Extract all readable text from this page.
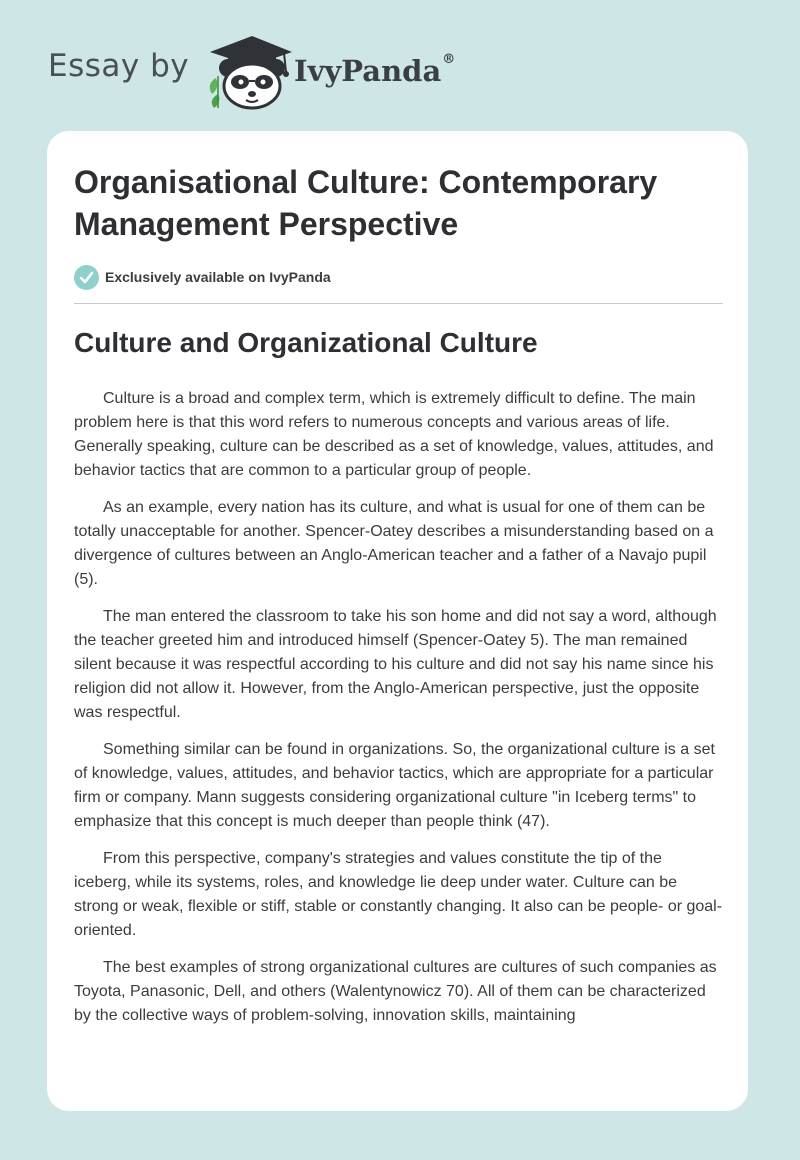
Essay by	IvyPanda®
Organisational Culture: Contemporary Management Perspective
Exclusively available on IvyPanda
Culture and Organizational Culture

Culture is a broad and complex term, which is extremely difficult to define. The main problem here is that this word refers to numerous concepts and various areas of life. Generally speaking, culture can be described as a set of knowledge, values, attitudes, and behavior tactics that are common to a particular group of people.

As an example, every nation has its culture, and what is usual for one of them can be totally unacceptable for another. Spencer-Oatey describes a misunderstanding based on a divergence of cultures between an Anglo-American teacher and a father of a Navajo pupil (5).

The man entered the classroom to take his son home and did not say a word, although the teacher greeted him and introduced himself (Spencer-Oatey 5). The man remained silent because it was respectful according to his culture and did not say his name since his religion did not allow it. However, from the Anglo-American perspective, just the opposite was respectful.

Something similar can be found in organizations. So, the organizational culture is a set of knowledge, values, attitudes, and behavior tactics, which are appropriate for a particular firm or company. Mann suggests considering organizational culture "in Iceberg terms" to emphasize that this concept is much deeper than people think (47).

From this perspective, company's strategies and values constitute the tip of the iceberg, while its systems, roles, and knowledge lie deep under water. Culture can be strong or weak, flexible or stiff, stable or constantly changing. It also can be people- or goal-oriented.

The best examples of strong organizational cultures are cultures of such companies as Toyota, Panasonic, Dell, and others (Walentynowicz 70). All of them can be characterized by the collective ways of problem-solving, innovation skills, maintaining
